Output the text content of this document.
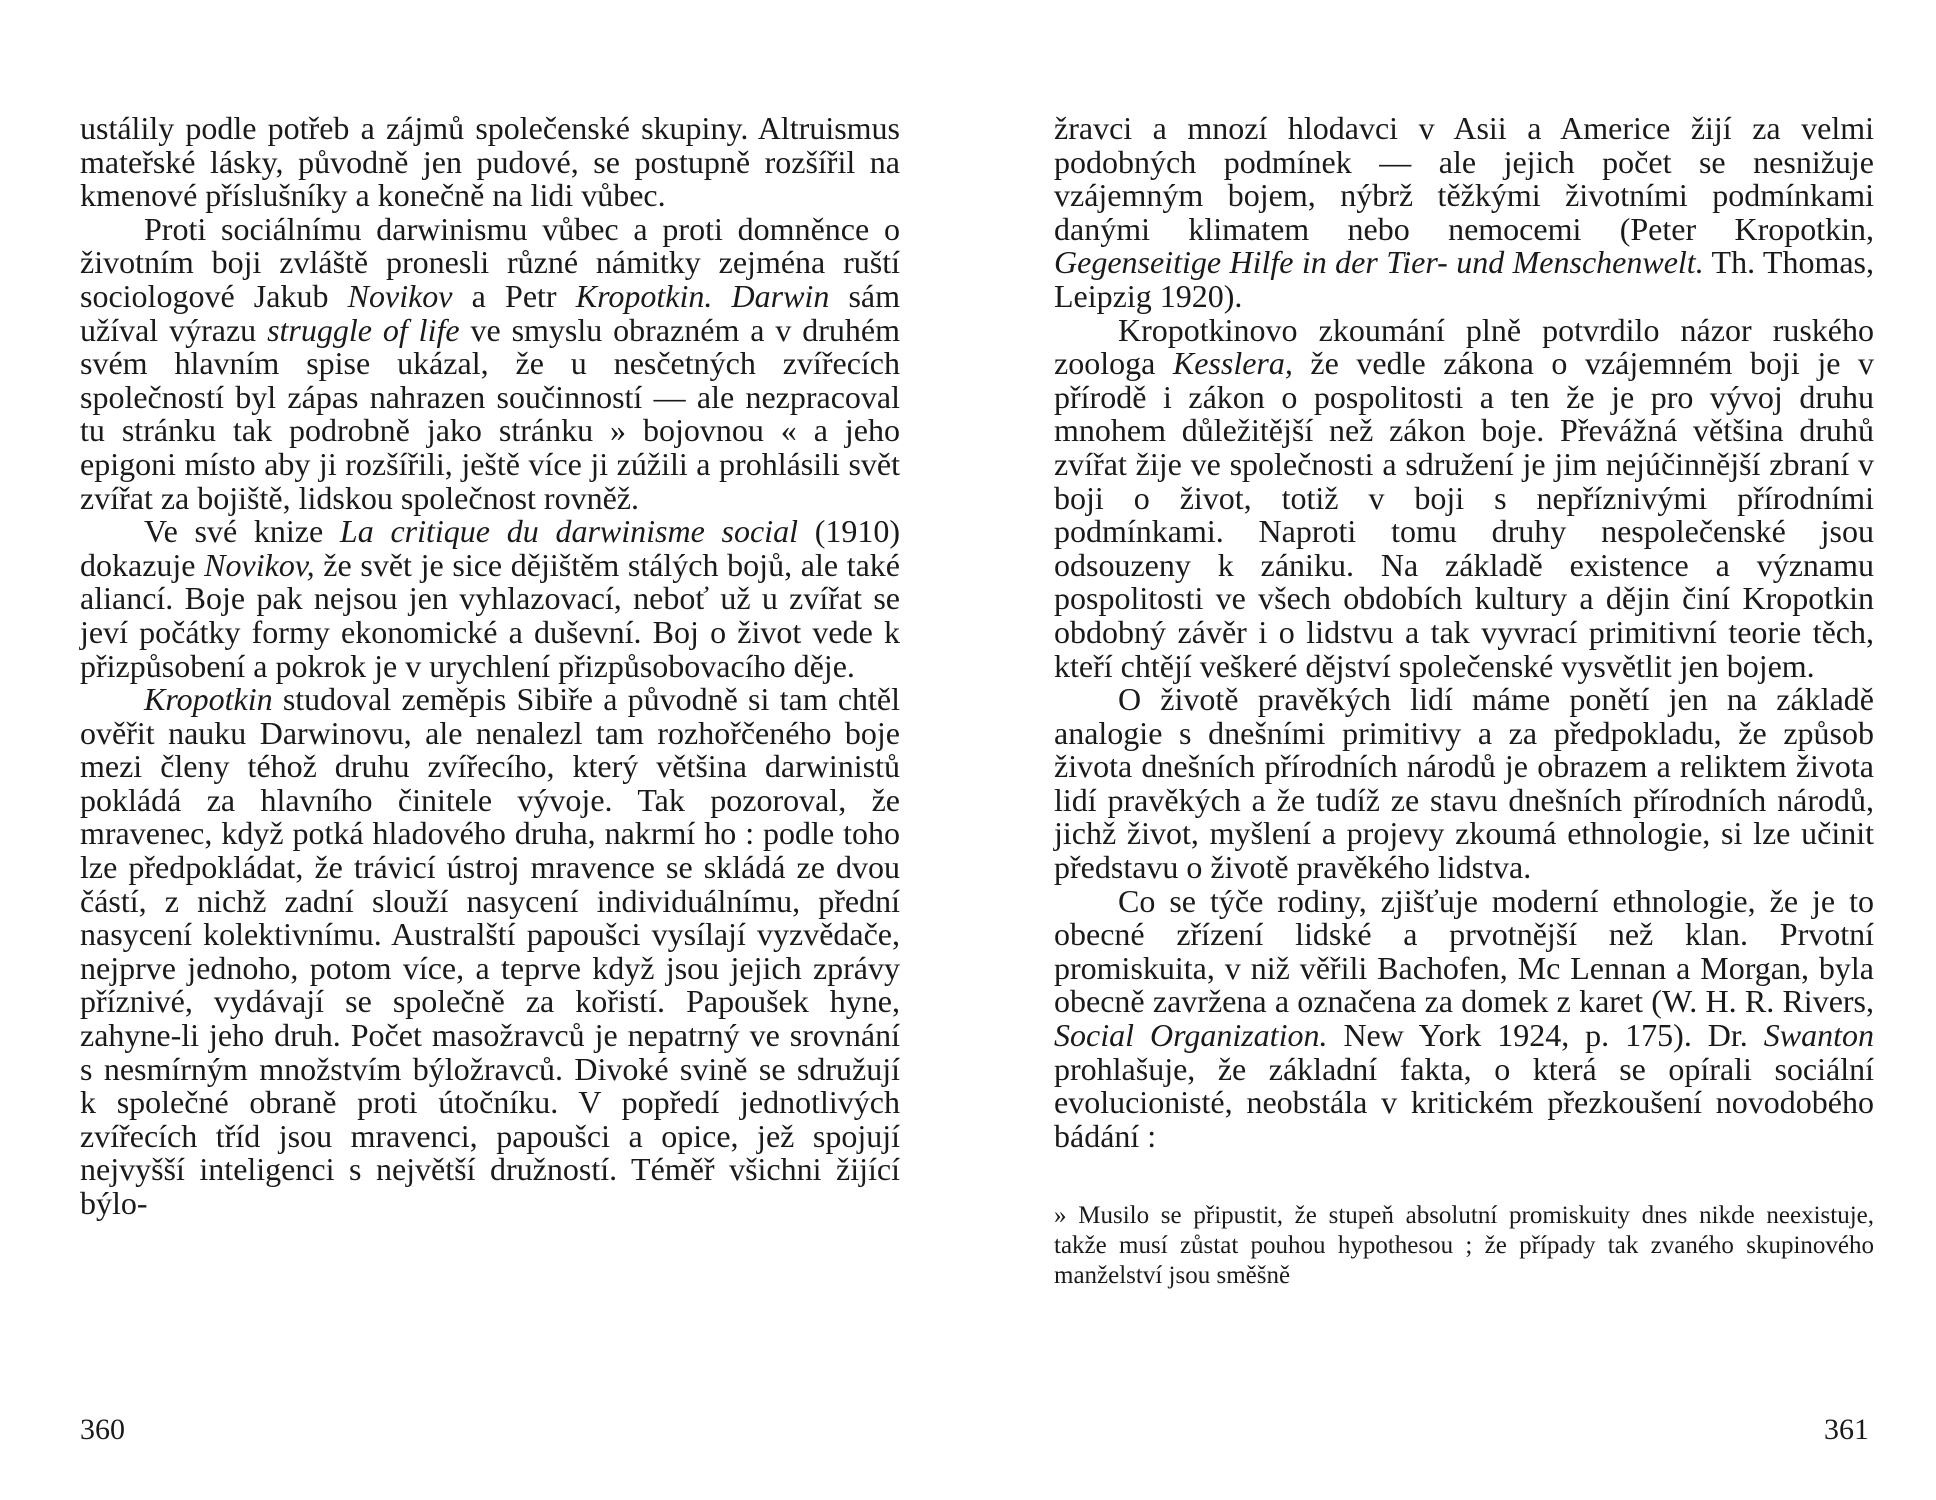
ustálily podle potřeb a zájmů společenské skupiny. Altruismus mateřské lásky, původně jen pudové, se postupně rozšířil na kmenové příslušníky a konečně na lidi vůbec.

Proti sociálnímu darwinismu vůbec a proti domněnce o životním boji zvláště pronesli různé námitky zejména ruští sociologové Jakub Novikov a Petr Kropotkin. Darwin sám užíval výrazu struggle of life ve smyslu obrazném a v druhém svém hlavním spise ukázal, že u nesčetných zvířecích společností byl zápas nahrazen součinností — ale nezpracoval tu stránku tak podrobně jako stránku » bojovnou « a jeho epigoni místo aby ji rozšířili, ještě více ji zúžili a prohlásili svět zvířat za bojiště, lidskou společnost rovněž.

Ve své knize La critique du darwinisme social (1910) dokazuje Novikov, že svět je sice dějištěm stálých bojů, ale také aliancí. Boje pak nejsou jen vyhlazovací, neboť už u zvířat se jeví počátky formy ekonomické a duševní. Boj o život vede k přizpůsobení a pokrok je v urychlení přizpůsobovacího děje.

Kropotkin studoval zeměpis Sibiře a původně si tam chtěl ověřit nauku Darwinovu, ale nenalezl tam rozhořčeného boje mezi členy téhož druhu zvířecího, který většina darwinistů pokládá za hlavního činitele vývoje. Tak pozoroval, že mravenec, když potká hladového druha, nakrmí ho : podle toho lze předpokládat, že trávicí ústroj mravence se skládá ze dvou částí, z nichž zadní slouží nasycení individuálnímu, přední nasycení kolektivnímu. Australští papoušci vysílají vyzvědače, nejprve jednoho, potom více, a teprve když jsou jejich zprávy příznivé, vydávají se společně za kořistí. Papoušek hyne, zahyne-li jeho druh. Počet masožravců je nepatrný ve srovnání s nesmírným množstvím býložravců. Divoké svině se sdružují k společné obraně proti útočníku. V popředí jednotlivých zvířecích tříd jsou mravenci, papoušci a opice, jež spojují nejvyšší inteligenci s největší družností. Téměř všichni žijící býlo-

360

žravci a mnozí hlodavci v Asii a Americe žijí za velmi podobných podmínek — ale jejich počet se nesnižuje vzájemným bojem, nýbrž těžkými životními podmínkami danými klimatem nebo nemocemi (Peter Kropotkin, Gegenseitige Hilfe in der Tier- und Menschenwelt. Th. Thomas, Leipzig 1920).

Kropotkinovo zkoumání plně potvrdilo názor ruského zoologa Kesslera, že vedle zákona o vzájemném boji je v přírodě i zákon o pospolitosti a ten že je pro vývoj druhu mnohem důležitější než zákon boje. Převážná většina druhů zvířat žije ve společnosti a sdružení je jim nejúčinnější zbraní v boji o život, totiž v boji s nepříznivými přírodními podmínkami. Naproti tomu druhy nespolečenské jsou odsouzeny k zániku. Na základě existence a významu pospolitosti ve všech obdobích kultury a dějin činí Kropotkin obdobný závěr i o lidstvu a tak vyvrací primitivní teorie těch, kteří chtějí veškeré dějství společenské vysvětlit jen bojem.

O životě pravěkých lidí máme ponětí jen na základě analogie s dnešními primitivy a za předpokladu, že způsob života dnešních přírodních národů je obrazem a reliktem života lidí pravěkých a že tudíž ze stavu dnešních přírodních národů, jichž život, myšlení a projevy zkoumá ethnologie, si lze učinit představu o životě pravěkého lidstva.

Co se týče rodiny, zjišťuje moderní ethnologie, že je to obecné zřízení lidské a prvotnější než klan. Prvotní promiskuita, v niž věřili Bachofen, Mc Lennan a Morgan, byla obecně zavržena a označena za domek z karet (W. H. R. Rivers, Social Organization. New York 1924, p. 175). Dr. Swanton prohlašuje, že základní fakta, o která se opírali sociální evolucionisté, neobstála v kritickém přezkoušení novodobého bádání :

» Musilo se připustit, že stupeň absolutní promiskuity dnes nikde neexistuje, takže musí zůstat pouhou hypothesou ; že případy tak zvaného skupinového manželství jsou směšně
361
